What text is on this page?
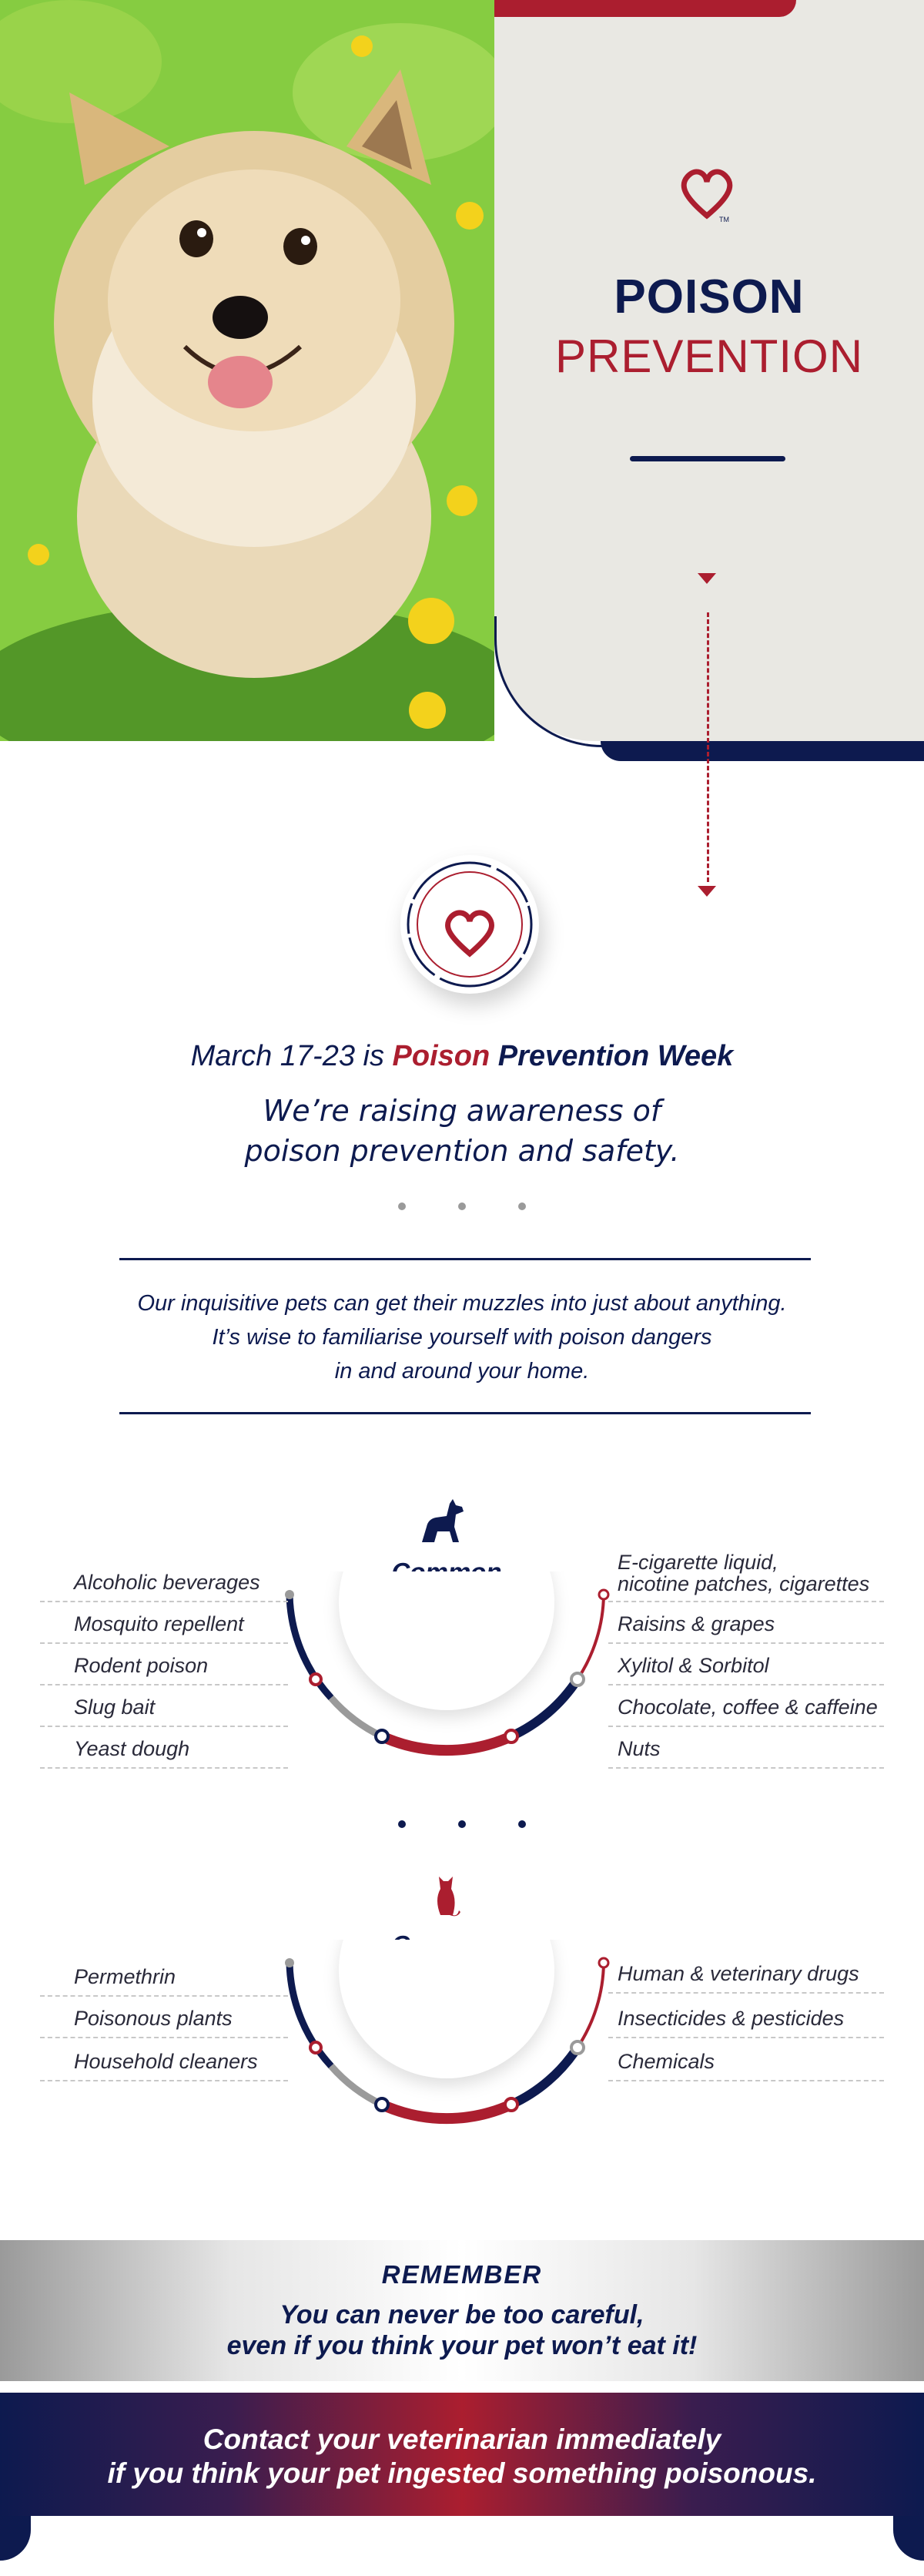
TM
POISON
PREVENTION
March 17-23 is Poison Prevention Week
We’re raising awareness of
poison prevention and safety.
Our inquisitive pets can get their muzzles into just about anything.
It’s wise to familiarise yourself with poison dangers
in and around your home.
Alcoholic beverages
Mosquito repellent
Rodent poison
Slug bait
Yeast dough
E-cigarette liquid,
nicotine patches, cigarettes
Raisins & grapes
Xylitol & Sorbitol
Chocolate, coffee & caffeine
Nuts
Permethrin
Poisonous plants
Household cleaners
Human & veterinary drugs
Insecticides & pesticides
Chemicals
REMEMBER
You can never be too careful,
even if you think your pet won’t eat it!
Contact your veterinarian immediately
if you think your pet ingested something poisonous.
